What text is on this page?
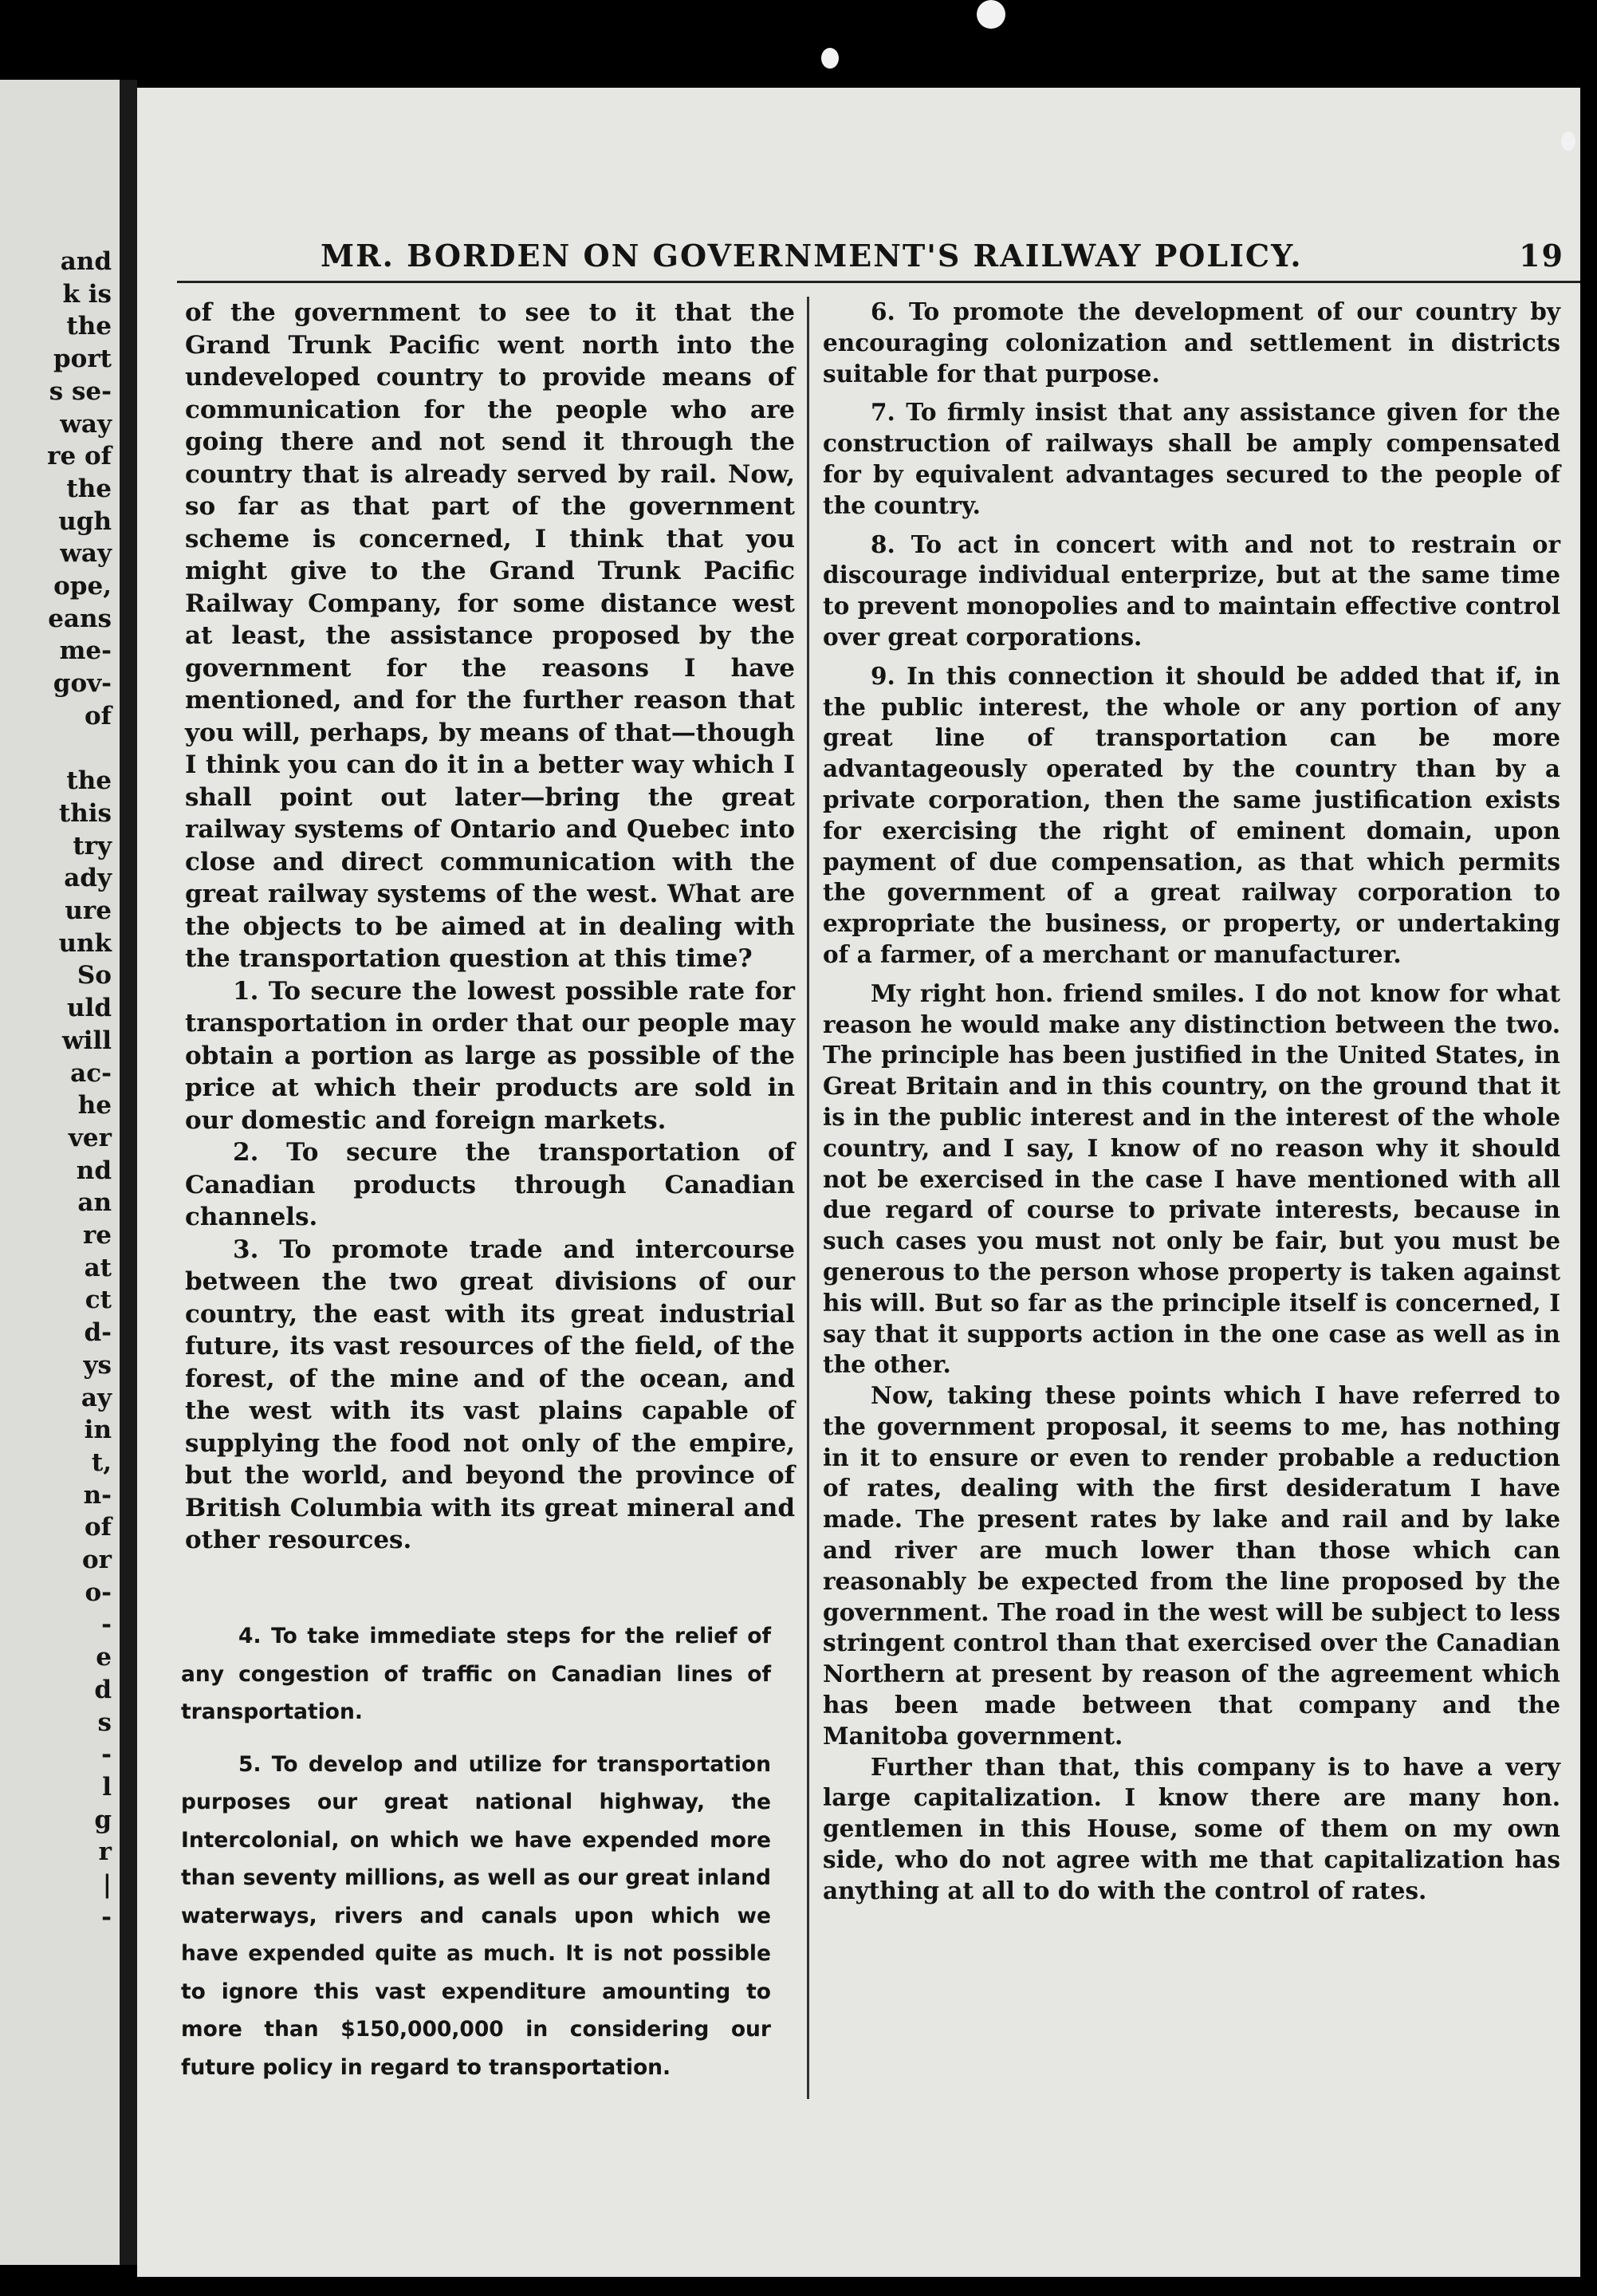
and
k is
the
port
s se-
way
re of
the
ugh
way
ope,
eans
me-
gov-
of
the
this
try
ady
ure
unk
So
uld
will
ac-
he
ver
nd
an
re
at
ct
d-
ys
ay
in
t,
n-
of
or
o-
-
e
d
s
-
l
g
r
|
-
MR. BORDEN ON GOVERNMENT'S RAILWAY POLICY.	19

of the government to see to it that the Grand Trunk Pacific went north into the undeveloped country to provide means of communication for the people who are going there and not send it through the country that is already served by rail. Now, so far as that part of the government scheme is concerned, I think that you might give to the Grand Trunk Pacific Railway Company, for some distance west at least, the assistance proposed by the government for the reasons I have mentioned, and for the further reason that you will, perhaps, by means of that—though I think you can do it in a better way which I shall point out later—bring the great railway systems of Ontario and Quebec into close and direct communication with the great railway systems of the west. What are the objects to be aimed at in dealing with the transportation question at this time?

1. To secure the lowest possible rate for transportation in order that our people may obtain a portion as large as possible of the price at which their products are sold in our domestic and foreign markets.

2. To secure the transportation of Canadian products through Canadian channels.

3. To promote trade and intercourse between the two great divisions of our country, the east with its great industrial future, its vast resources of the field, of the forest, of the mine and of the ocean, and the west with its vast plains capable of supplying the food not only of the empire, but the world, and beyond the province of British Columbia with its great mineral and other resources.

4. To take immediate steps for the relief of any congestion of traffic on Canadian lines of transportation.

5. To develop and utilize for transportation purposes our great national highway, the Intercolonial, on which we have expended more than seventy millions, as well as our great inland waterways, rivers and canals upon which we have expended quite as much. It is not possible to ignore this vast expenditure amounting to more than $150,000,000 in considering our future policy in regard to transportation.

6. To promote the development of our country by encouraging colonization and settlement in districts suitable for that purpose.

7. To firmly insist that any assistance given for the construction of railways shall be amply compensated for by equivalent advantages secured to the people of the country.

8. To act in concert with and not to restrain or discourage individual enterprize, but at the same time to prevent monopolies and to maintain effective control over great corporations.

9. In this connection it should be added that if, in the public interest, the whole or any portion of any great line of transportation can be more advantageously operated by the country than by a private corporation, then the same justification exists for exercising the right of eminent domain, upon payment of due compensation, as that which permits the government of a great railway corporation to expropriate the business, or property, or undertaking of a farmer, of a merchant or manufacturer.

My right hon. friend smiles. I do not know for what reason he would make any distinction between the two. The principle has been justified in the United States, in Great Britain and in this country, on the ground that it is in the public interest and in the interest of the whole country, and I say, I know of no reason why it should not be exercised in the case I have mentioned with all due regard of course to private interests, because in such cases you must not only be fair, but you must be generous to the person whose property is taken against his will. But so far as the principle itself is concerned, I say that it supports action in the one case as well as in the other.

Now, taking these points which I have referred to the government proposal, it seems to me, has nothing in it to ensure or even to render probable a reduction of rates, dealing with the first desideratum I have made. The present rates by lake and rail and by lake and river are much lower than those which can reasonably be expected from the line proposed by the government. The road in the west will be subject to less stringent control than that exercised over the Canadian Northern at present by reason of the agreement which has been made between that company and the Manitoba government.

Further than that, this company is to have a very large capitalization. I know there are many hon. gentlemen in this House, some of them on my own side, who do not agree with me that capitalization has anything at all to do with the control of rates.
